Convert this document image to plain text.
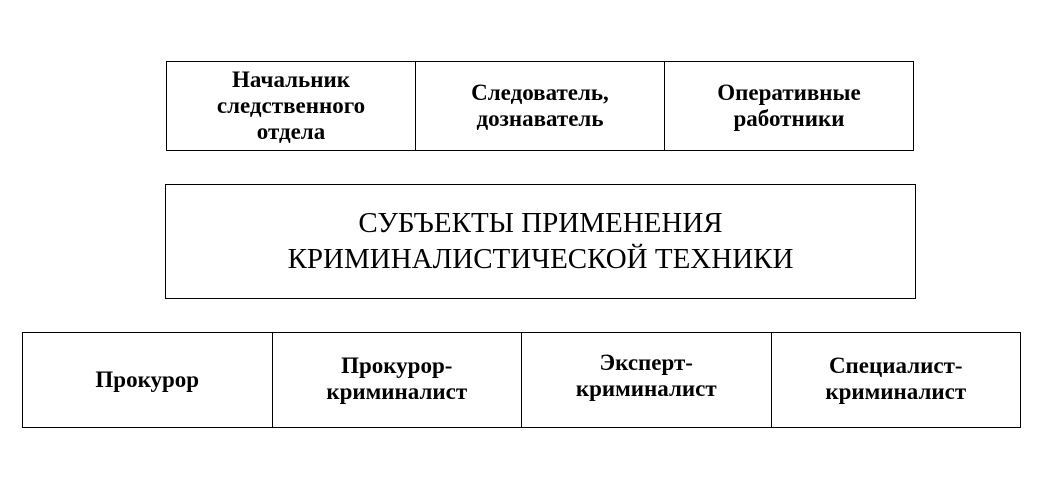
Начальник
следственного
отдела
Следователь,
дознаватель
Оперативные
работники
СУБЪЕКТЫ ПРИМЕНЕНИЯ
КРИМИНАЛИСТИЧЕСКОЙ ТЕХНИКИ
Прокурор
Прокурор-
криминалист
Эксперт-
криминалист
Специалист-
криминалист
